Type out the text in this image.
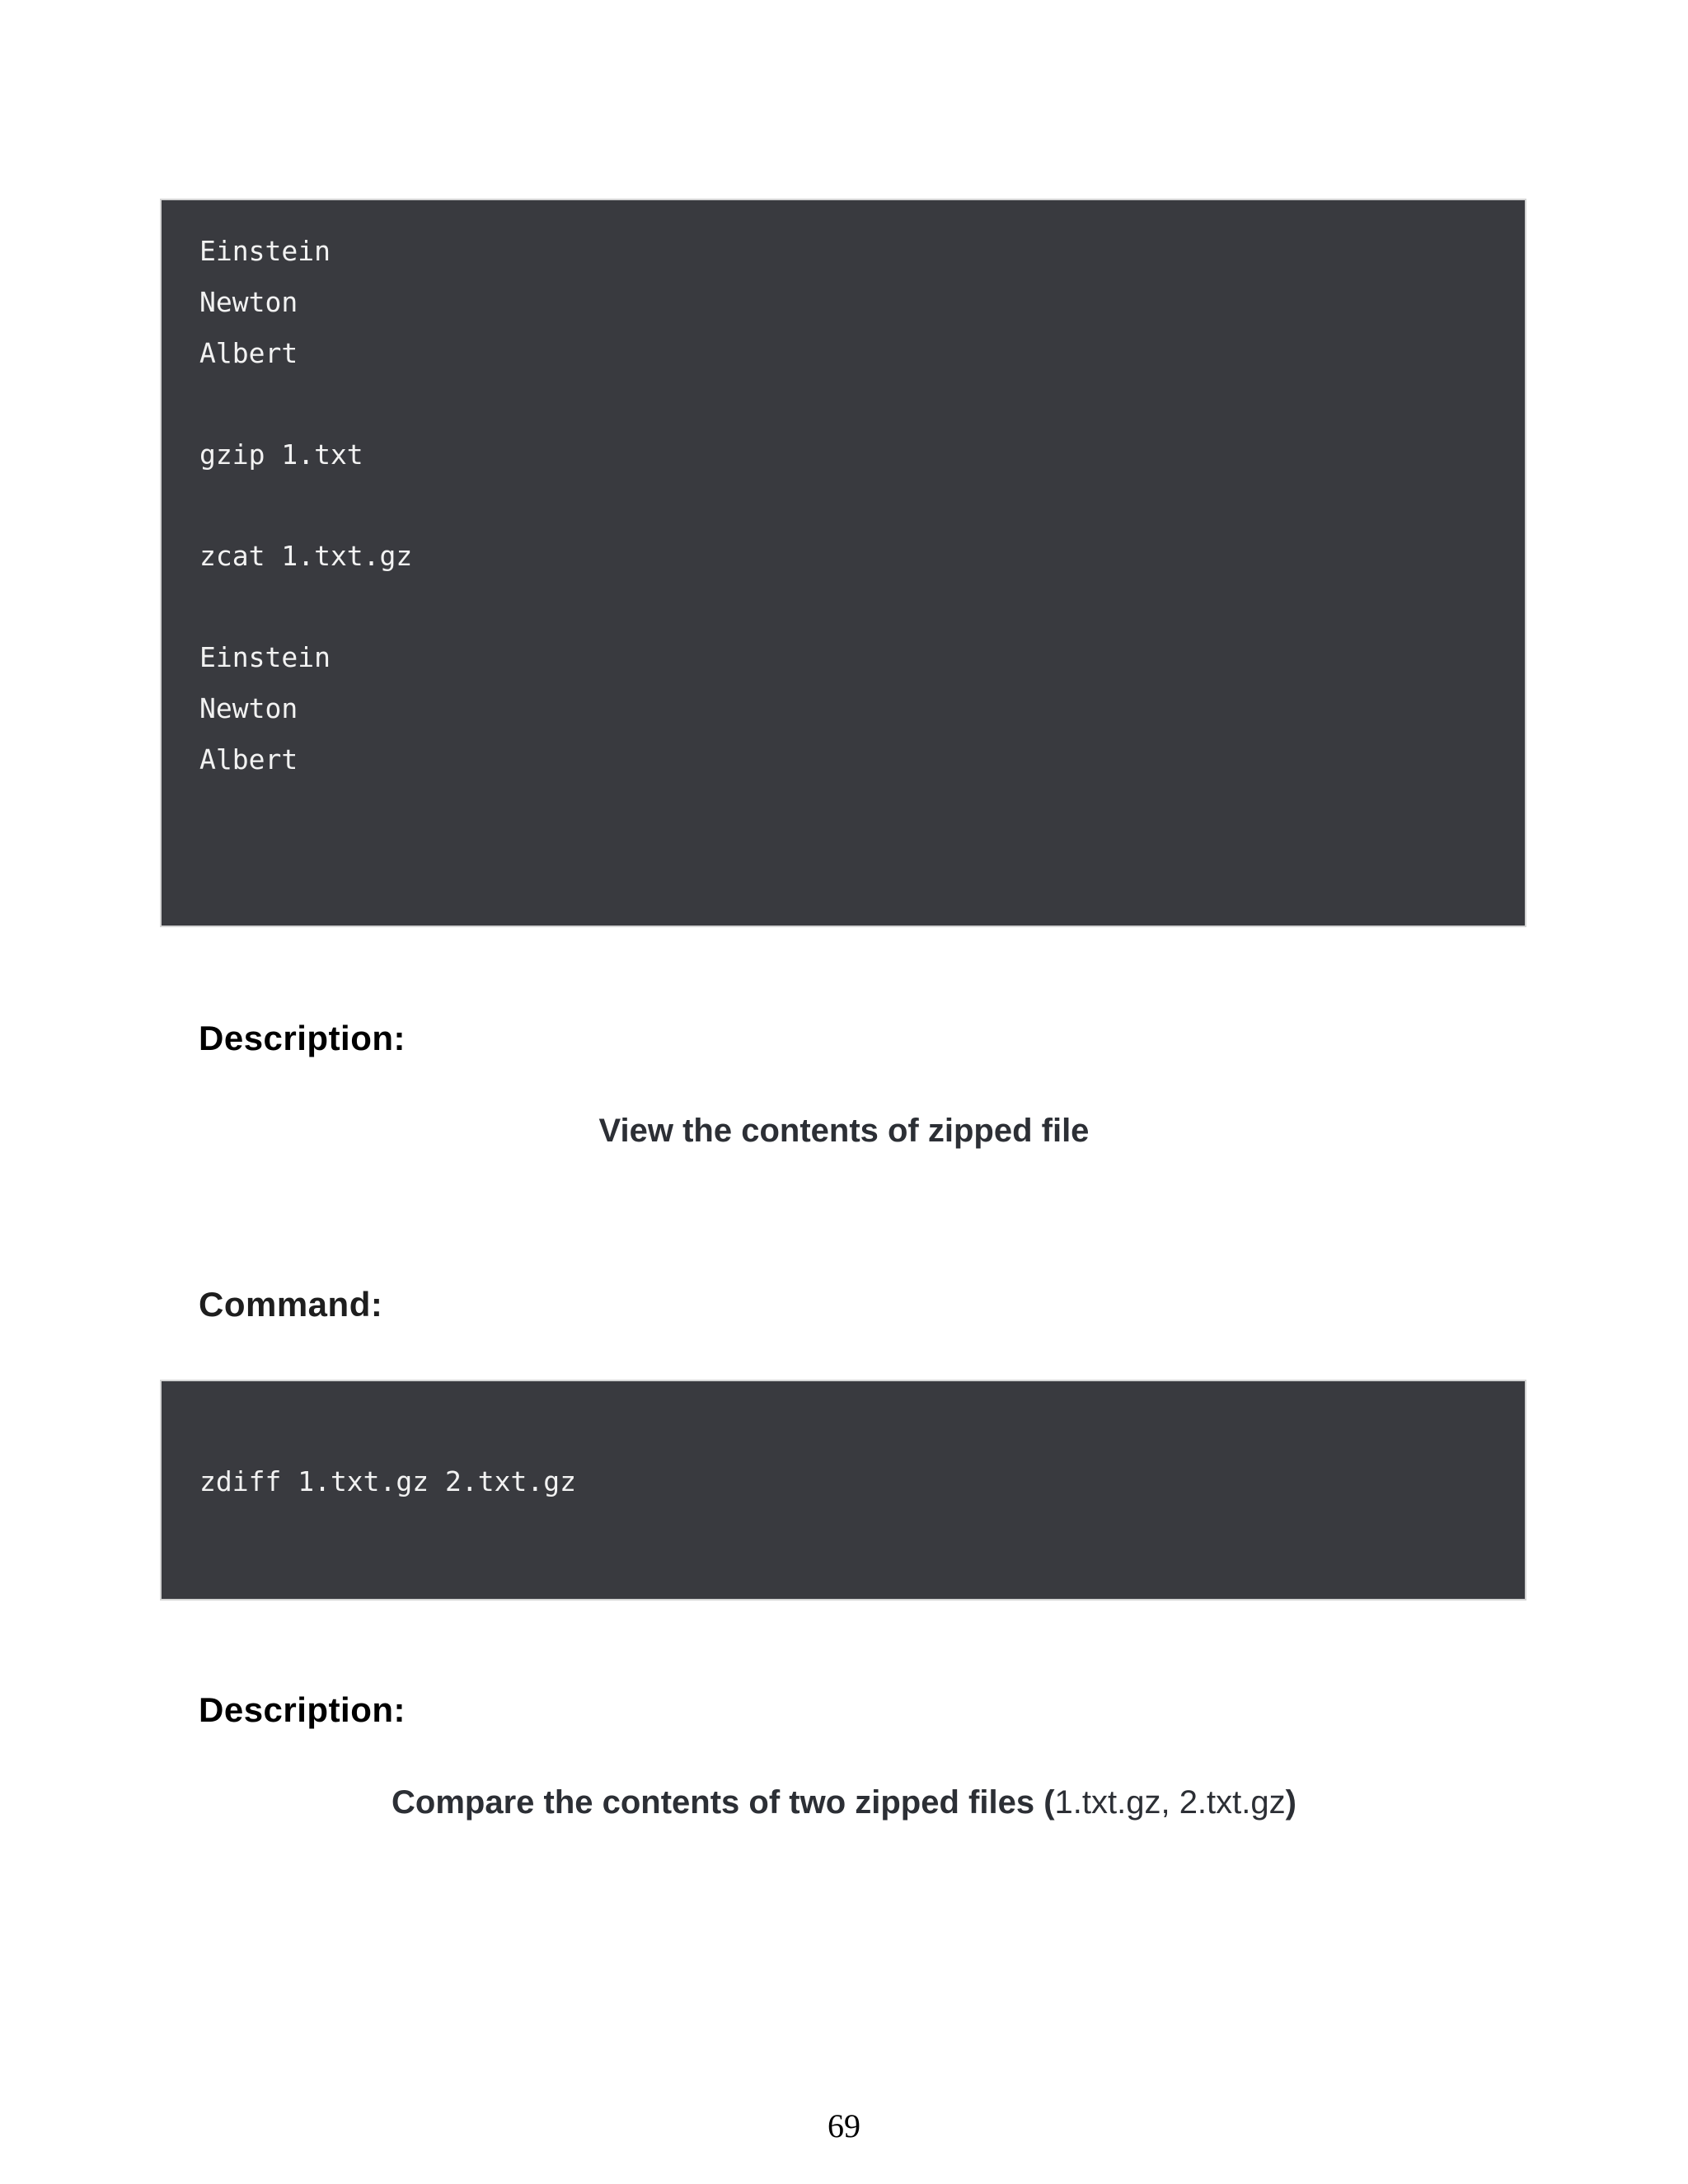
Einstein
Newton
Albert
gzip 1.txt
zcat 1.txt.gz
Einstein
Newton
Albert
Description:
View the contents of zipped file
Command:
zdiff 1.txt.gz 2.txt.gz
Description:
Compare the contents of two zipped files (1.txt.gz, 2.txt.gz)
69
